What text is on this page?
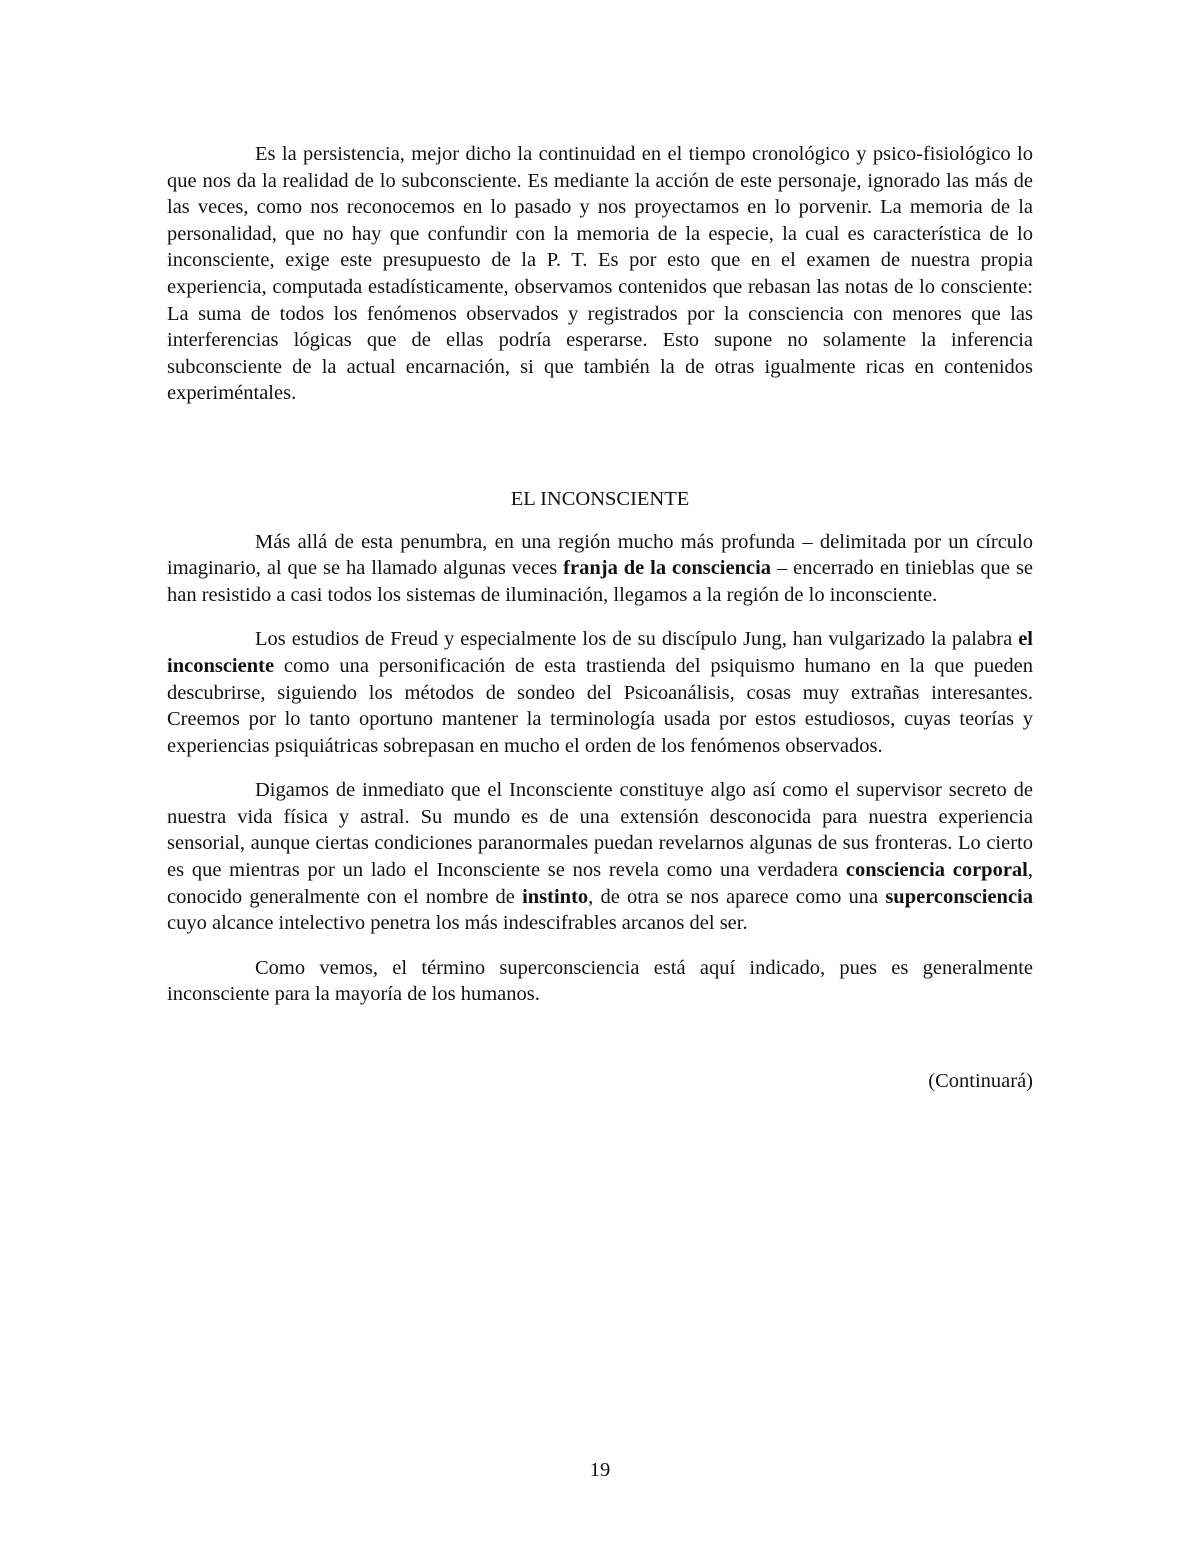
Es la persistencia, mejor dicho la continuidad en el tiempo cronológico y psico-fisiológico lo que nos da la realidad de lo subconsciente. Es mediante la acción de este personaje, ignorado las más de las veces, como nos reconocemos en lo pasado y nos proyectamos en lo porvenir. La memoria de la personalidad, que no hay que confundir con la memoria de la especie, la cual es característica de lo inconsciente, exige este presupuesto de la P. T. Es por esto que en el examen de nuestra propia experiencia, computada estadísticamente, observamos contenidos que rebasan las notas de lo consciente: La suma de todos los fenómenos observados y registrados por la consciencia con menores que las interferencias lógicas que de ellas podría esperarse. Esto supone no solamente la inferencia subconsciente de la actual encarnación, si que también la de otras igualmente ricas en contenidos experiméntales.

EL INCONSCIENTE

Más allá de esta penumbra, en una región mucho más profunda – delimitada por un círculo imaginario, al que se ha llamado algunas veces franja de la consciencia – encerrado en tinieblas que se han resistido a casi todos los sistemas de iluminación, llegamos a la región de lo inconsciente.

Los estudios de Freud y especialmente los de su discípulo Jung, han vulgarizado la palabra el inconsciente como una personificación de esta trastienda del psiquismo humano en la que pueden descubrirse, siguiendo los métodos de sondeo del Psicoanálisis, cosas muy extrañas interesantes. Creemos por lo tanto oportuno mantener la terminología usada por estos estudiosos, cuyas teorías y experiencias psiquiátricas sobrepasan en mucho el orden de los fenómenos observados.

Digamos de inmediato que el Inconsciente constituye algo así como el supervisor secreto de nuestra vida física y astral. Su mundo es de una extensión desconocida para nuestra experiencia sensorial, aunque ciertas condiciones paranormales puedan revelarnos algunas de sus fronteras. Lo cierto es que mientras por un lado el Inconsciente se nos revela como una verdadera consciencia corporal, conocido generalmente con el nombre de instinto, de otra se nos aparece como una superconsciencia cuyo alcance intelectivo penetra los más indescifrables arcanos del ser.

Como vemos, el término superconsciencia está aquí indicado, pues es generalmente inconsciente para la mayoría de los humanos.

(Continuará)

19
